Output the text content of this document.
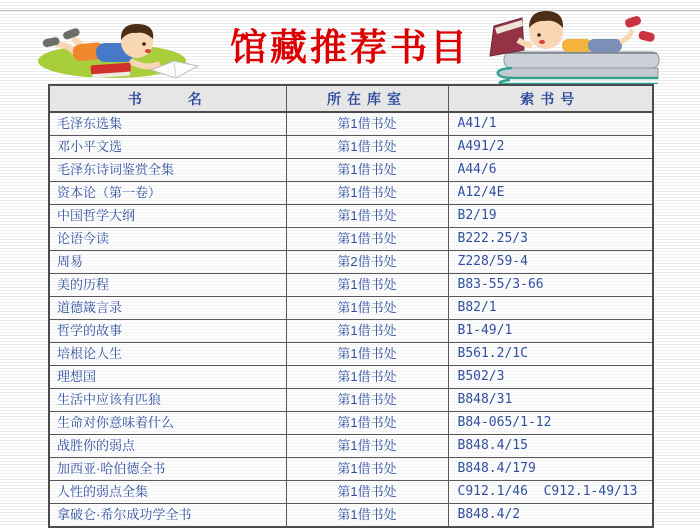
馆藏推荐书目
书　　名	所在库室	索书号
毛泽东选集	第1借书处	A41/1
邓小平文选	第1借书处	A491/2
毛泽东诗词鉴赏全集	第1借书处	A44/6
资本论（第一卷）	第1借书处	A12/4E
中国哲学大纲	第1借书处	B2/19
论语今读	第1借书处	B222.25/3
周易	第2借书处	Z228/59-4
美的历程	第1借书处	B83-55/3-66
道德箴言录	第1借书处	B82/1
哲学的故事	第1借书处	B1-49/1
培根论人生	第1借书处	B561.2/1C
理想国	第1借书处	B502/3
生活中应该有匹狼	第1借书处	B848/31
生命对你意味着什么	第1借书处	B84-065/1-12
战胜你的弱点	第1借书处	B848.4/15
加西亚·哈伯德全书	第1借书处	B848.4/179
人性的弱点全集	第1借书处	C912.1/46  C912.1-49/13
拿破仑·希尔成功学全书	第1借书处	B848.4/2
